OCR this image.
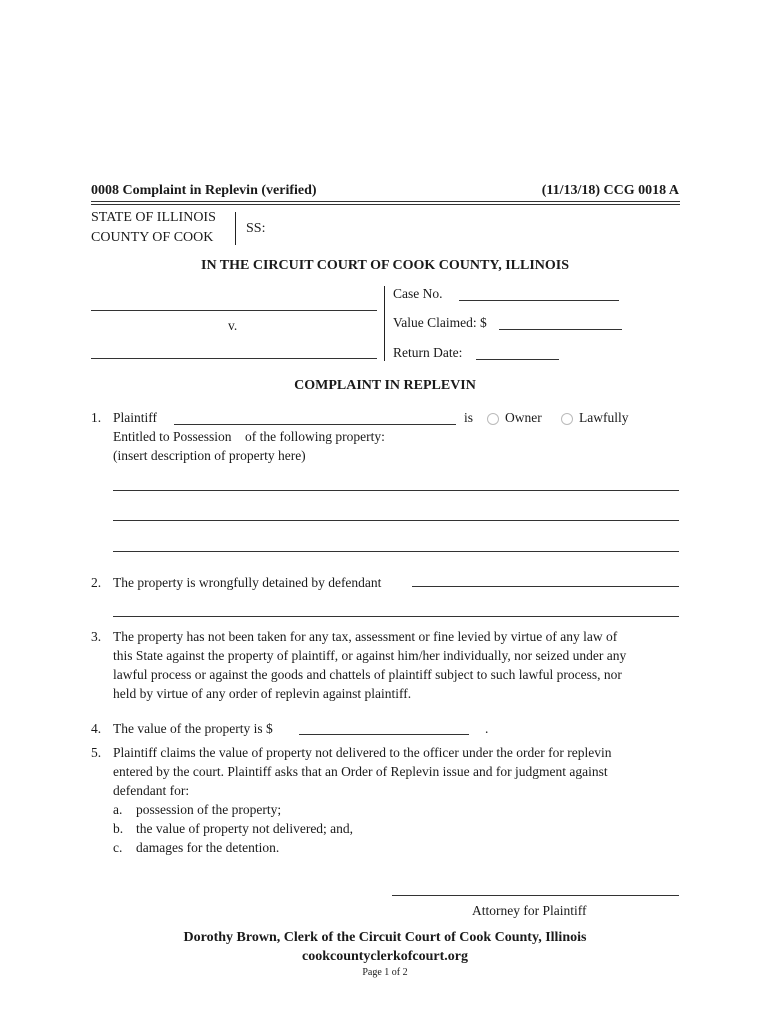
0008 Complaint in Replevin (verified)	(11/13/18) CCG 0018 A
STATE OF ILLINOIS
COUNTY OF COOK
SS:
IN THE CIRCUIT COURT OF COOK COUNTY, ILLINOIS
v.
Case No.
Value Claimed: $
Return Date:
COMPLAINT IN REPLEVIN
1. Plaintiff	is Owner	Lawfully
Entitled to Possession    of the following property:
(insert description of property here)
2. The property is wrongfully detained by defendant
3. The property has not been taken for any tax, assessment or fine levied by virtue of any law of
this State against the property of plaintiff, or against him/her individually, nor seized under any
lawful process or against the goods and chattels of plaintiff subject to such lawful process, nor
held by virtue of any order of replevin against plaintiff.
4. The value of the property is $	.
5. Plaintiff claims the value of property not delivered to the officer under the order for replevin
entered by the court. Plaintiff asks that an Order of Replevin issue and for judgment against
defendant for:
a. possession of the property;
b. the value of property not delivered; and,
c. damages for the detention.
Attorney for Plaintiff
Dorothy Brown, Clerk of the Circuit Court of Cook County, Illinois
cookcountyclerkofcourt.org
Page 1 of 2
